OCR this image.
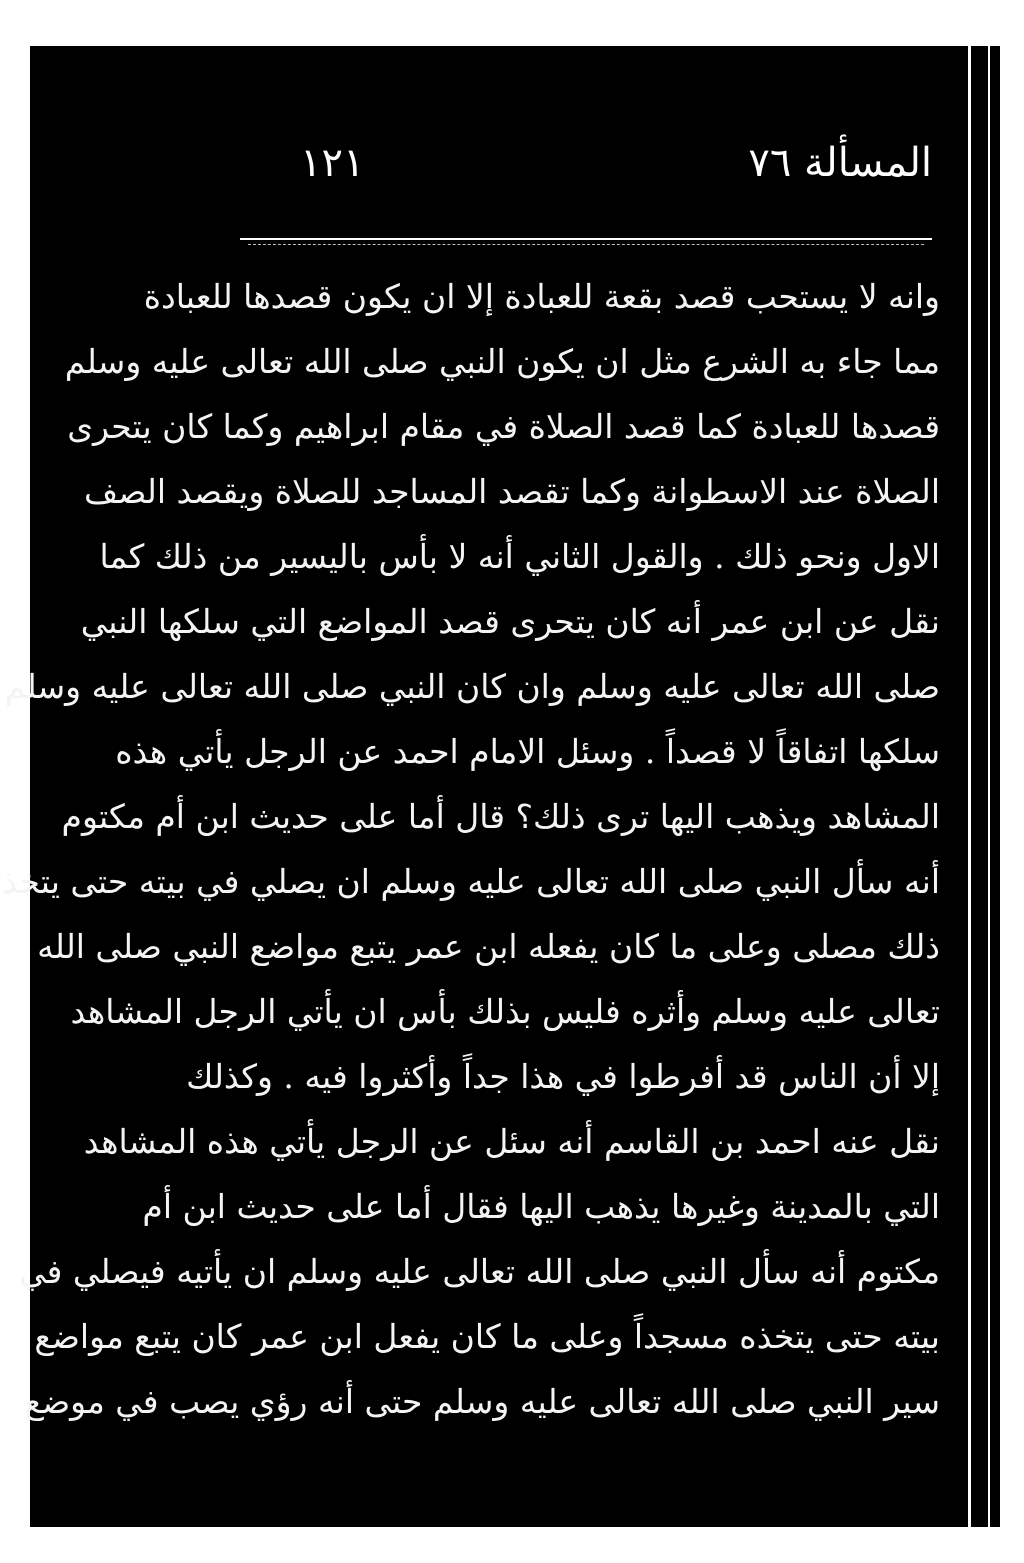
المسألة ٧٦
١٢١
وانه لا يستحب قصد بقعة للعبادة إلا ان يكون قصدها للعبادة
مما جاء به الشرع مثل ان يكون النبي صلى الله تعالى عليه وسلم
قصدها للعبادة كما قصد الصلاة في مقام ابراهيم وكما كان يتحرى
الصلاة عند الاسطوانة وكما تقصد المساجد للصلاة ويقصد الصف
الاول ونحو ذلك . والقول الثاني أنه لا بأس باليسير من ذلك كما
نقل عن ابن عمر أنه كان يتحرى قصد المواضع التي سلكها النبي
صلى الله تعالى عليه وسلم وان كان النبي صلى الله تعالى عليه وسلم
سلكها اتفاقاً لا قصداً . وسئل الامام احمد عن الرجل يأتي هذه
المشاهد ويذهب اليها ترى ذلك؟ قال أما على حديث ابن أم مكتوم
أنه سأل النبي صلى الله تعالى عليه وسلم ان يصلي في بيته حتى يتخذ
ذلك مصلى وعلى ما كان يفعله ابن عمر يتبع مواضع النبي صلى الله
تعالى عليه وسلم وأثره فليس بذلك بأس ان يأتي الرجل المشاهد
إلا أن الناس قد أفرطوا في هذا جداً وأكثروا فيه . وكذلك
نقل عنه احمد بن القاسم أنه سئل عن الرجل يأتي هذه المشاهد
التي بالمدينة وغيرها يذهب اليها فقال أما على حديث ابن أم
مكتوم أنه سأل النبي صلى الله تعالى عليه وسلم ان يأتيه فيصلي في
بيته حتى يتخذه مسجداً وعلى ما كان يفعل ابن عمر كان يتبع مواضع
سير النبي صلى الله تعالى عليه وسلم حتى أنه رؤي يصب في موضع
